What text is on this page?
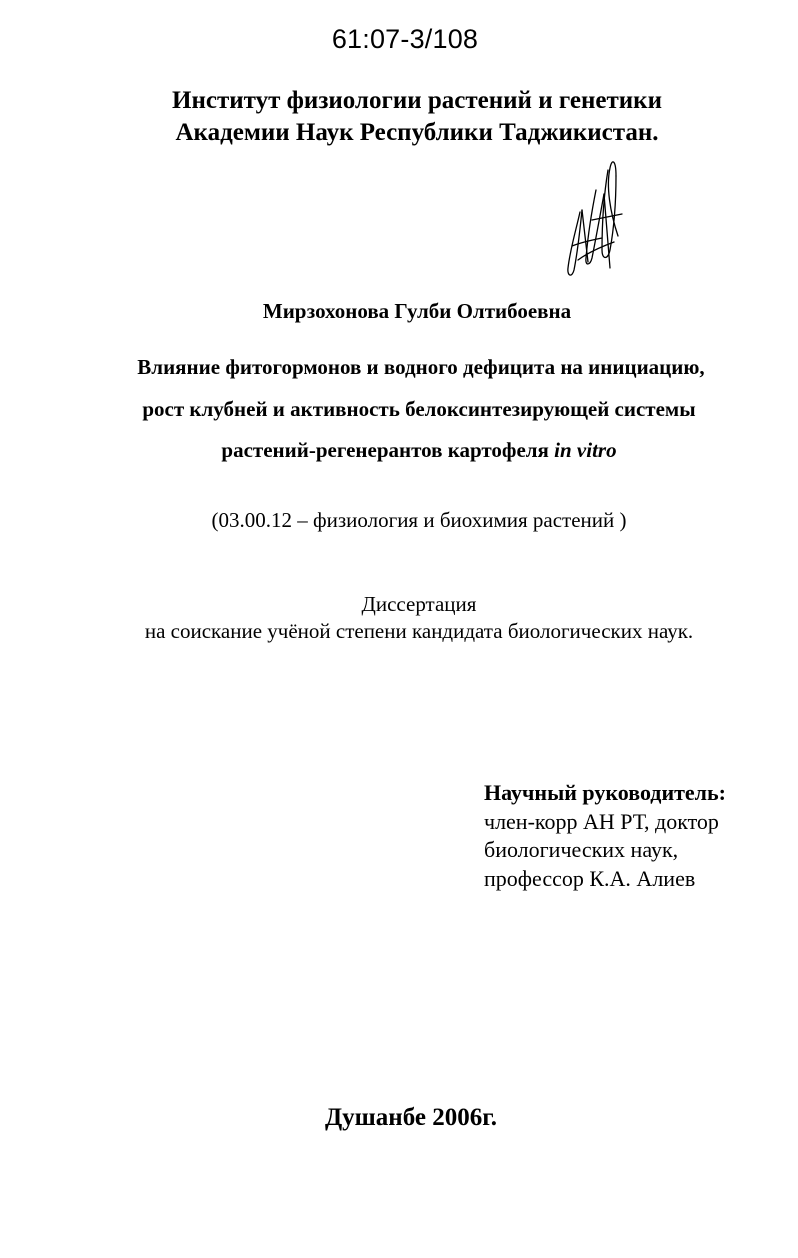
61:07-3/108
Институт физиологии растений и генетики
Академии Наук Республики Таджикистан.
Мирзохонова Гулби Олтибоевна
Влияние фитогормонов и водного дефицита на инициацию,
рост клубней и активность белоксинтезирующей системы
растений-регенерантов картофеля in vitro
(03.00.12 – физиология и биохимия растений )
Диссертация
на соискание учёной степени кандидата биологических наук.
Научный руководитель:
член-корр АН РТ, доктор
биологических наук,
профессор К.А. Алиев
Душанбе 2006г.
